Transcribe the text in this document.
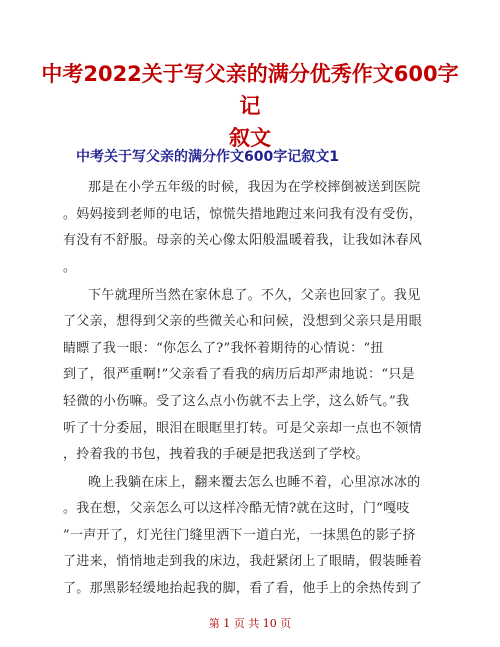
中考2022关于写父亲的满分优秀作文600字记
叙文
中考关于写父亲的满分作文600字记叙文1
那是在小学五年级的时候，我因为在学校摔倒被送到医院
。妈妈接到老师的电话，惊慌失措地跑过来问我有没有受伤，
有没有不舒服。母亲的关心像太阳般温暖着我，让我如沐春风
。
下午就理所当然在家休息了。不久，父亲也回家了。我见
了父亲，想得到父亲的些微关心和问候，没想到父亲只是用眼
睛瞟了我一眼：“你怎么了?”我怀着期待的心情说：“扭
到了，很严重啊!”父亲看了看我的病历后却严肃地说：“只是
轻微的小伤嘛。受了这么点小伤就不去上学，这么娇气。”我
听了十分委屈，眼泪在眼眶里打转。可是父亲却一点也不领情
，拎着我的书包，拽着我的手硬是把我送到了学校。
晚上我躺在床上，翻来覆去怎么也睡不着，心里凉冰冰的
。我在想，父亲怎么可以这样冷酷无情?就在这时，门“嘎吱
”一声开了，灯光往门缝里洒下一道白光，一抹黑色的影子挤
了进来，悄悄地走到我的床边，我赶紧闭上了眼睛，假装睡着
了。那黑影轻缓地抬起我的脚，看了看，他手上的余热传到了
第 1 页 共 10 页
